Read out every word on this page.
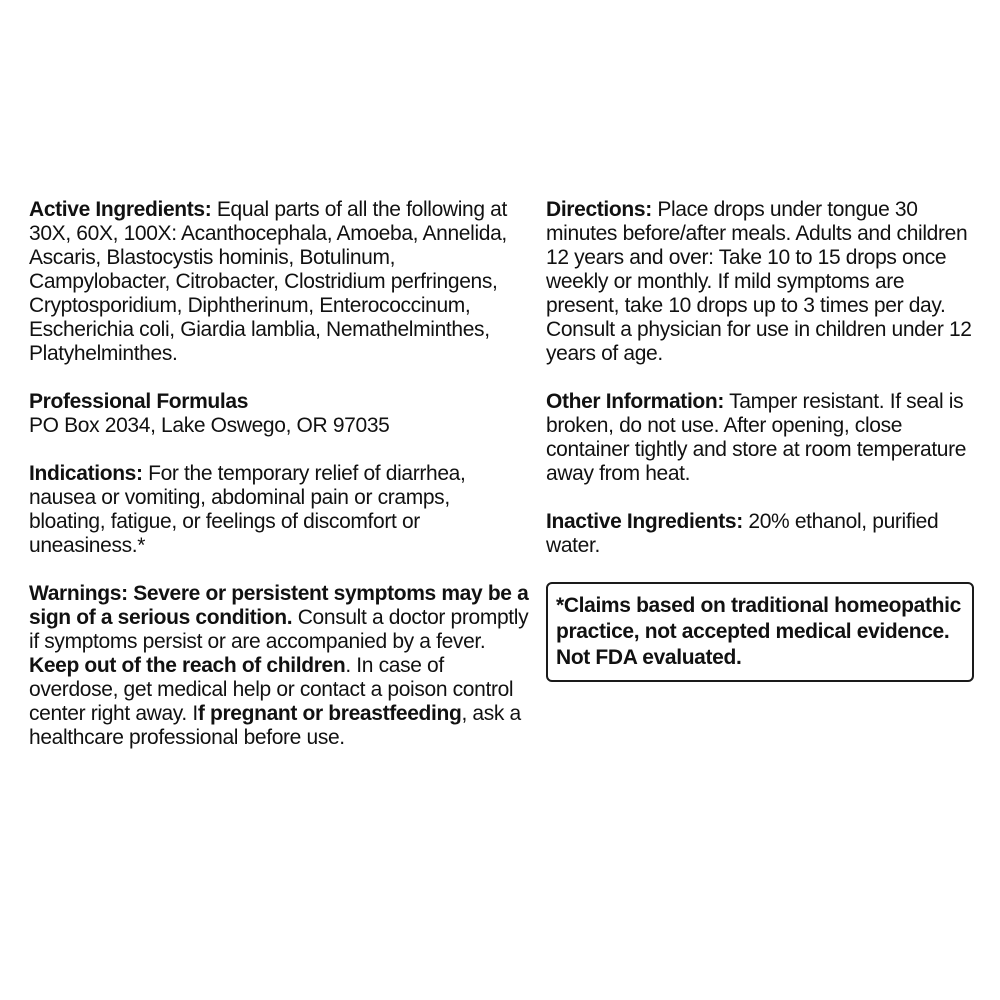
Active Ingredients: Equal parts of all the following at 30X, 60X, 100X: Acanthocephala, Amoeba, Annelida, Ascaris, Blastocystis hominis, Botulinum, Campylobacter, Citrobacter, Clostridium perfringens, Cryptosporidium, Diphtherinum, Enterococcinum, Escherichia coli, Giardia lamblia, Nemathelminthes, Platyhelminthes.

Professional Formulas
PO Box 2034, Lake Oswego, OR 97035

Indications: For the temporary relief of diarrhea, nausea or vomiting, abdominal pain or cramps, bloating, fatigue, or feelings of discomfort or uneasiness.*

Warnings: Severe or persistent symptoms may be a sign of a serious condition. Consult a doctor promptly if symptoms persist or are accompanied by a fever. Keep out of the reach of children. In case of overdose, get medical help or contact a poison control center right away. If pregnant or breastfeeding, ask a healthcare professional before use.

Directions: Place drops under tongue 30 minutes before/after meals. Adults and children 12 years and over: Take 10 to 15 drops once weekly or monthly. If mild symptoms are present, take 10 drops up to 3 times per day. Consult a physician for use in children under 12 years of age.

Other Information: Tamper resistant. If seal is broken, do not use. After opening, close container tightly and store at room temperature away from heat.

Inactive Ingredients: 20% ethanol, purified water.

*Claims based on traditional homeopathic practice, not accepted medical evidence. Not FDA evaluated.
